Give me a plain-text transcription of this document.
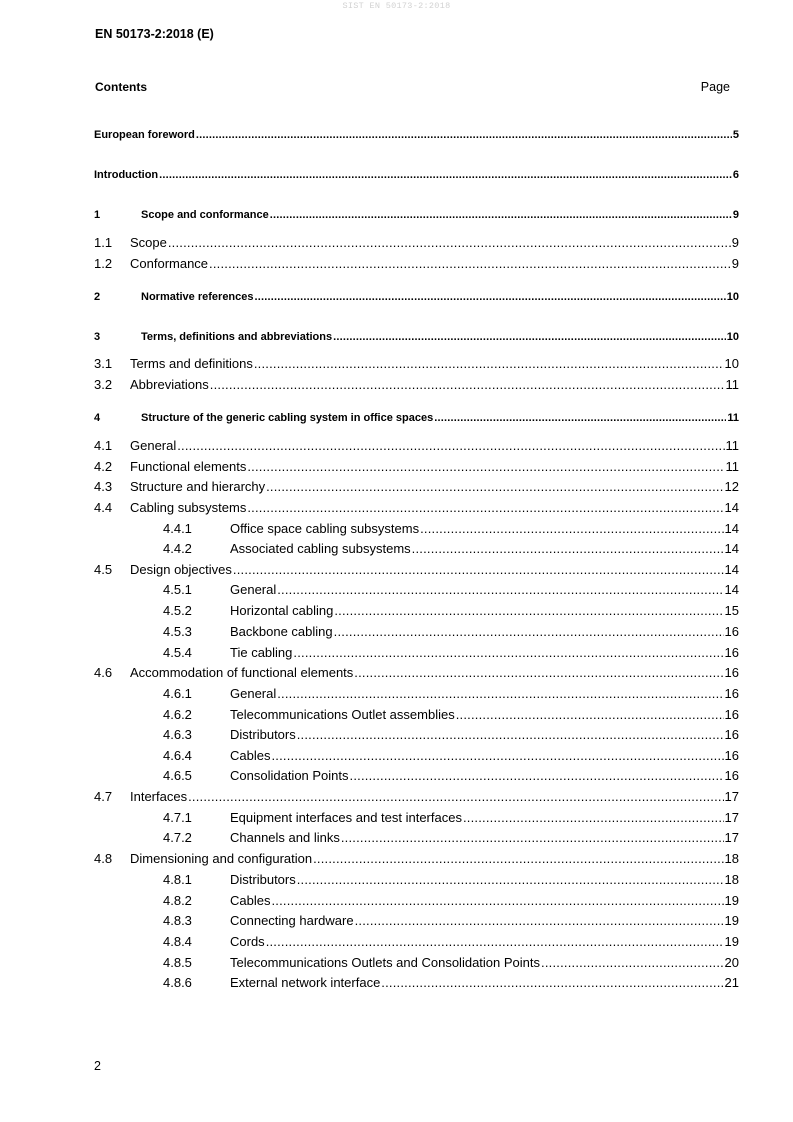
SIST EN 50173-2:2018
EN 50173-2:2018 (E)
Contents	Page
European foreword .....	5
Introduction .....	6
1	Scope and conformance .....	9
1.1	Scope .....	9
1.2	Conformance .....	9
2	Normative references .....	10
3	Terms, definitions and abbreviations .....	10
3.1	Terms and definitions .....	10
3.2	Abbreviations .....	11
4	Structure of the generic cabling system in office spaces .....	11
4.1	General .....	11
4.2	Functional elements .....	11
4.3	Structure and hierarchy .....	12
4.4	Cabling subsystems .....	14
4.4.1	Office space cabling subsystems .....	14
4.4.2	Associated cabling subsystems .....	14
4.5	Design objectives .....	14
4.5.1	General .....	14
4.5.2	Horizontal cabling .....	15
4.5.3	Backbone cabling .....	16
4.5.4	Tie cabling .....	16
4.6	Accommodation of functional elements .....	16
4.6.1	General .....	16
4.6.2	Telecommunications Outlet assemblies .....	16
4.6.3	Distributors .....	16
4.6.4	Cables .....	16
4.6.5	Consolidation Points .....	16
4.7	Interfaces .....	17
4.7.1	Equipment interfaces and test interfaces .....	17
4.7.2	Channels and links .....	17
4.8	Dimensioning and configuration .....	18
4.8.1	Distributors .....	18
4.8.2	Cables .....	19
4.8.3	Connecting hardware .....	19
4.8.4	Cords .....	19
4.8.5	Telecommunications Outlets and Consolidation Points .....	20
4.8.6	External network interface .....	21
2
